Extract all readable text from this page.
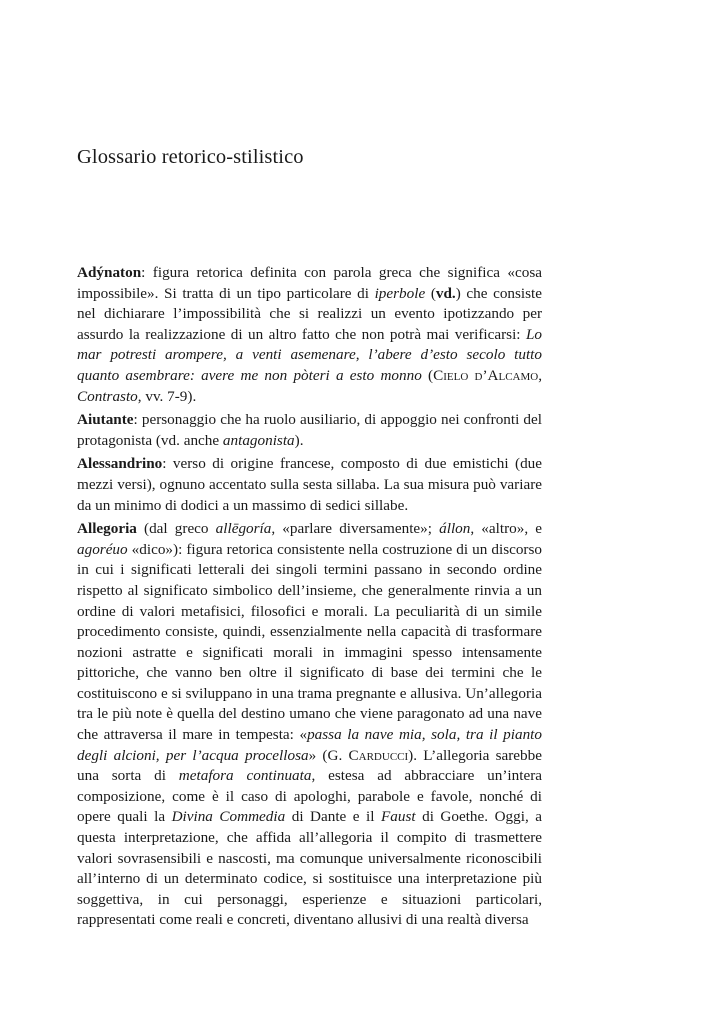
Glossario retorico-stilistico

Adýnaton: figura retorica definita con parola greca che significa «cosa impossibile». Si tratta di un tipo particolare di iperbole (vd.) che consiste nel dichiarare l’impossibilità che si realizzi un evento ipotizzando per assurdo la realizzazione di un altro fatto che non potrà mai verificarsi: Lo mar potresti arompere, a venti asemenare, l’abere d’esto secolo tutto quanto asembrare: avere me non pòteri a esto monno (Cielo d’Alcamo, Contrasto, vv. 7-9).

Aiutante: personaggio che ha ruolo ausiliario, di appoggio nei confronti del protagonista (vd. anche antagonista).

Alessandrino: verso di origine francese, composto di due emistichi (due mezzi versi), ognuno accentato sulla sesta sillaba. La sua misura può variare da un minimo di dodici a un massimo di sedici sillabe.

Allegoria (dal greco allēgoría, «parlare diversamente»; állon, «altro», e agoréuo «dico»): figura retorica consistente nella costruzione di un discorso in cui i significati letterali dei singoli termini passano in secondo ordine rispetto al significato simbolico dell’insieme, che generalmente rinvia a un ordine di valori metafisici, filosofici e morali. La peculiarità di un simile procedimento consiste, quindi, essenzialmente nella capacità di trasformare nozioni astratte e significati morali in immagini spesso intensamente pittoriche, che vanno ben oltre il significato di base dei termini che le costituiscono e si sviluppano in una trama pregnante e allusiva. Un’allegoria tra le più note è quella del destino umano che viene paragonato ad una nave che attraversa il mare in tempesta: «passa la nave mia, sola, tra il pianto degli alcioni, per l’acqua procellosa» (G. Carducci). L’allegoria sarebbe una sorta di metafora continuata, estesa ad abbracciare un’intera composizione, come è il caso di apologhi, parabole e favole, nonché di opere quali la Divina Commedia di Dante e il Faust di Goethe. Oggi, a questa interpretazione, che affida all’allegoria il compito di trasmettere valori sovrasensibili e nascosti, ma comunque universalmente riconoscibili all’interno di un determinato codice, si sostituisce una interpretazione più soggettiva, in cui personaggi, esperienze e situazioni particolari, rappresentati come reali e concreti, diventano allusivi di una realtà diversa
